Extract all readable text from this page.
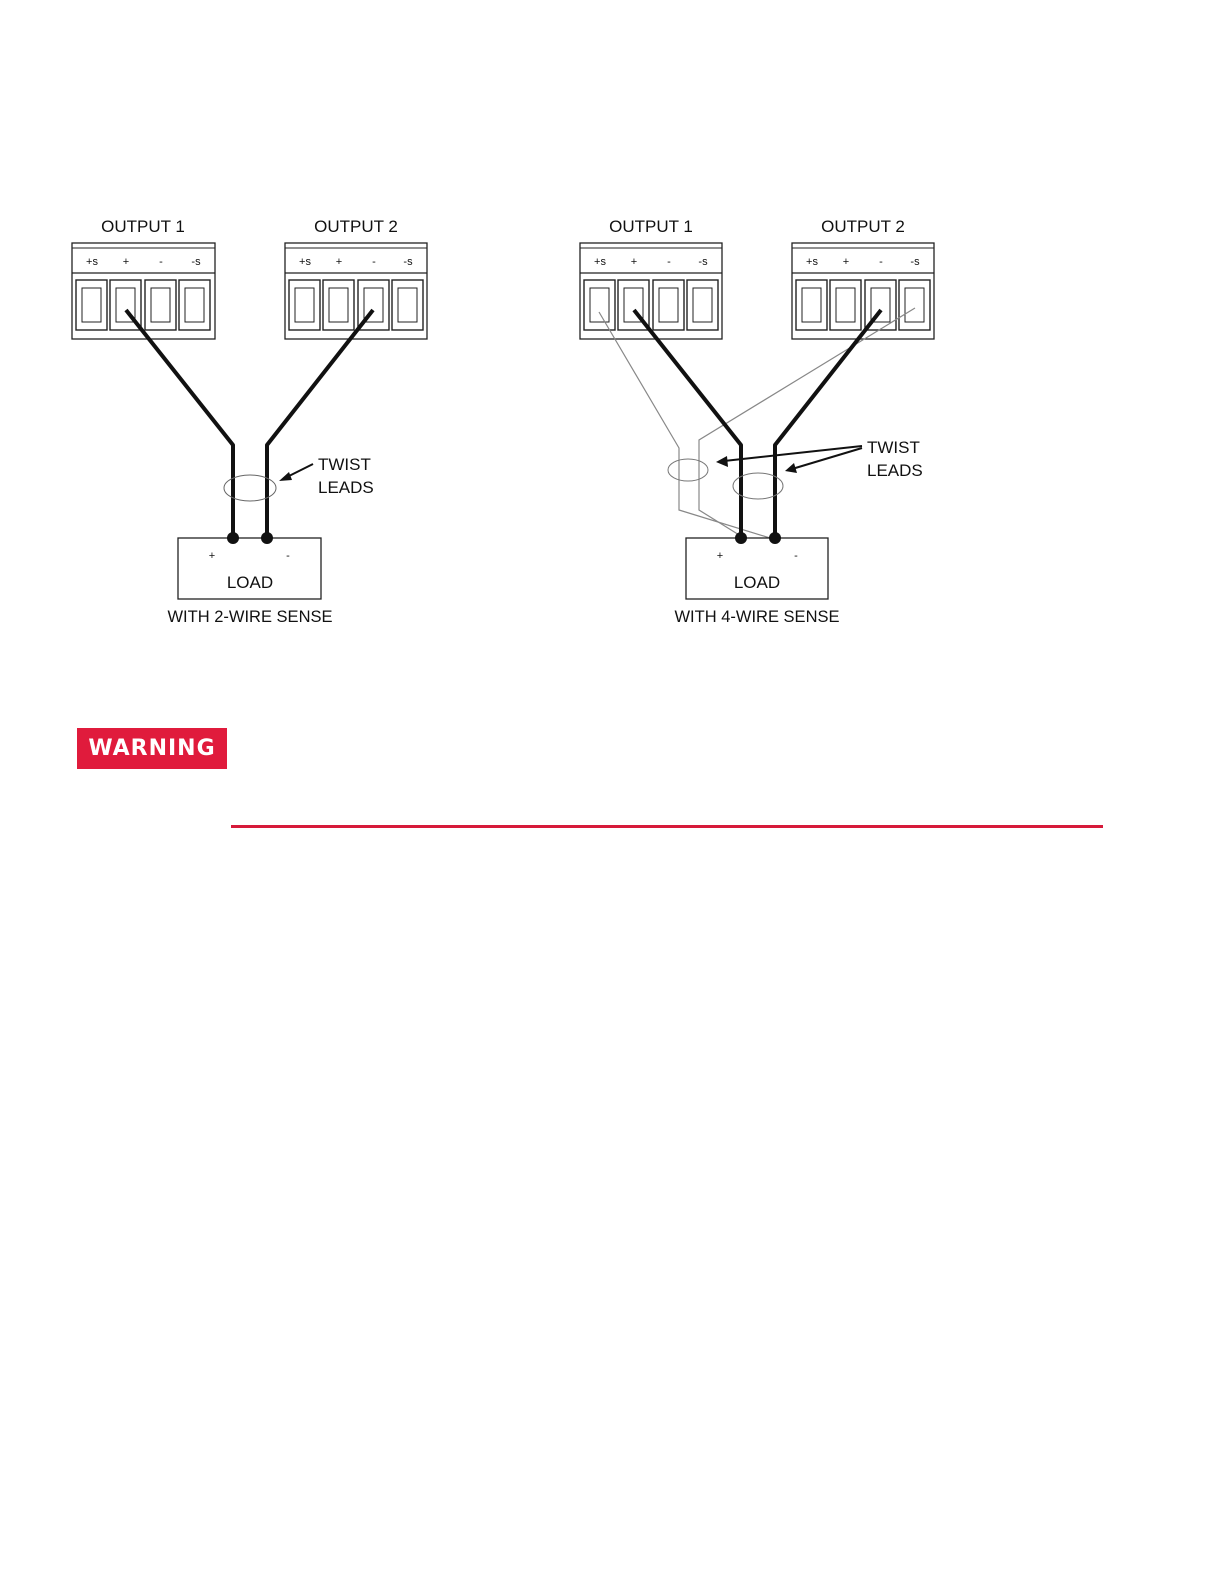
OUTPUT 1
+s +	-	-s
OUTPUT 2
+s +	-	-s
TWIST
LEADS
+	-
LOAD
WITH 2-WIRE SENSE
OUTPUT 1
+s +	-	-s
OUTPUT 2
+s +	-	-s
TWIST
LEADS
+	-
LOAD
WITH 4-WIRE SENSE
WARNING
